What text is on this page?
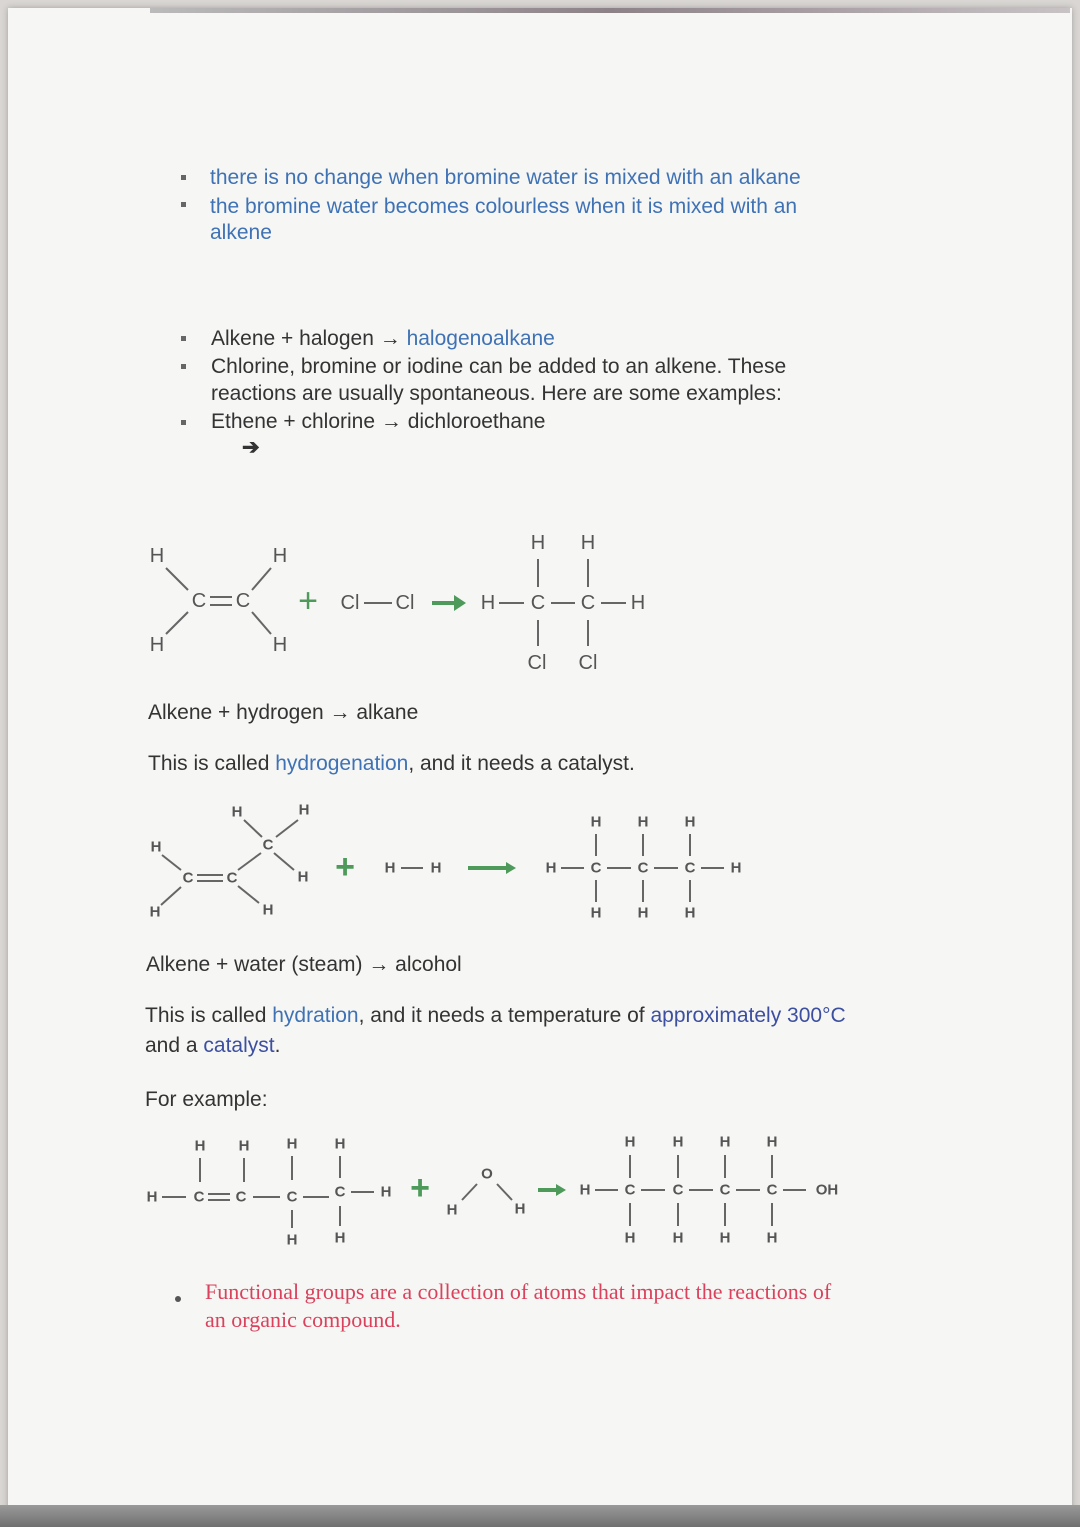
there is no change when bromine water is mixed with an alkane
the bromine water becomes colourless when it is mixed with an
alkene
Alkene + halogen → halogenoalkane
Chlorine, bromine or iodine can be added to an alkene. These
reactions are usually spontaneous. Here are some examples:
Ethene + chlorine → dichloroethane
➔
Alkene + hydrogen → alkane
This is called hydrogenation, and it needs a catalyst.
Alkene + water (steam) → alcohol
This is called hydration, and it needs a temperature of approximately 300°C
and a catalyst.
For example:
Functional groups are a collection of atoms that impact the reactions of
an organic compound.
H	H
C C
H	H
+ Cl Cl	H C C H
H H
Cl Cl
H	H
C
H
C C	H
H	H
+ H H	H C C C H
H H H
H H H
H C C	C C H
H H H H
H H
+	O
H	H
H C C C C	OH
H H H H
H H H H
